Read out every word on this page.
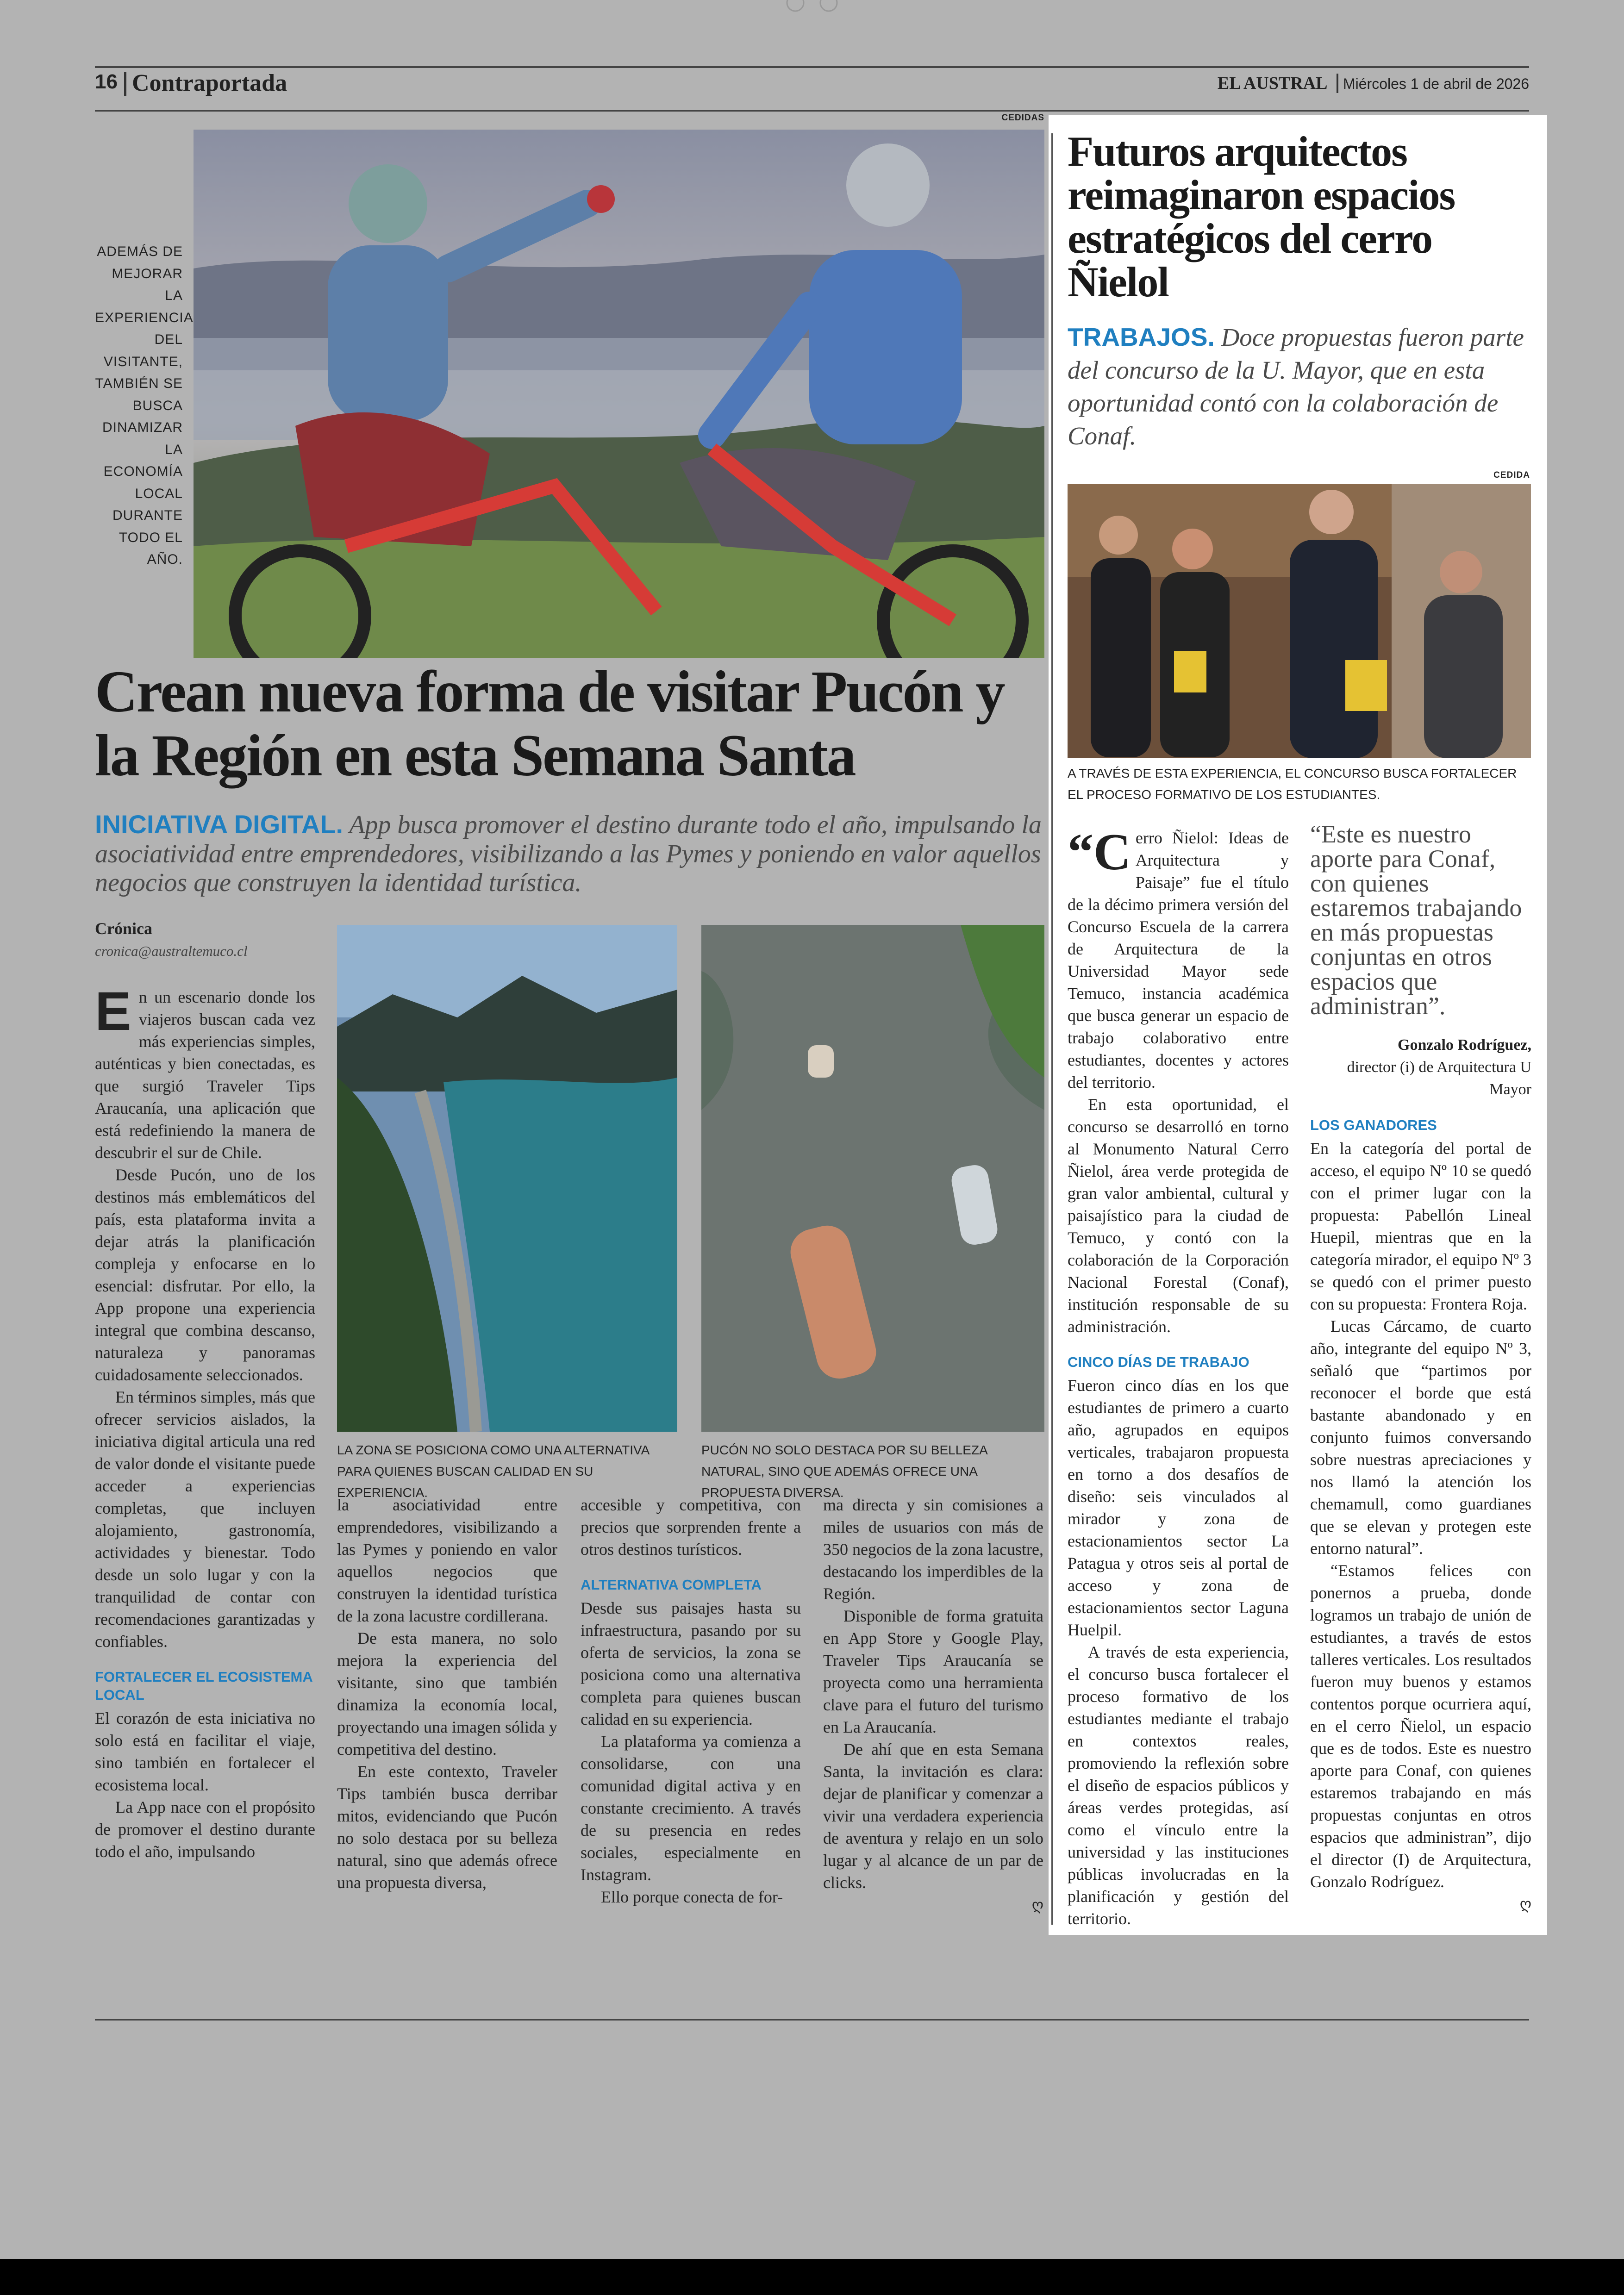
16 Contraportada	EL AUSTRAL Miércoles 1 de abril de 2026
CEDIDAS
ADEMÁS DE MEJORAR LA EXPERIENCIA DEL VISITANTE, TAMBIÉN SE BUSCA DINAMIZAR LA ECONOMÍA LOCAL DURANTE TODO EL AÑO.
Crean nueva forma de visitar Pucón y la Región en esta Semana Santa
INICIATIVA DIGITAL. App busca promover el destino durante todo el año, impulsando la asociatividad entre emprendedores, visibilizando a las Pymes y poniendo en valor aquellos negocios que construyen la identidad turística.
Crónica
cronica@australtemuco.cl
LA ZONA SE POSICIONA COMO UNA ALTERNATIVA PARA QUIENES BUSCAN CALIDAD EN SU EXPERIENCIA.
PUCÓN NO SOLO DESTACA POR SU BELLEZA NATURAL, SINO QUE ADEMÁS OFRECE UNA PROPUESTA DIVERSA.
E n un escenario donde los viajeros buscan cada vez más experiencias simples, auténticas y bien conectadas, es que surgió Traveler Tips Araucanía, una aplicación que está redefiniendo la manera de descubrir el sur de Chile.

Desde Pucón, uno de los destinos más emblemáticos del país, esta plataforma invita a dejar atrás la planificación compleja y enfocarse en lo esencial: disfrutar. Por ello, la App propone una experiencia integral que combina descanso, naturaleza y panoramas cuidadosamente seleccionados.

En términos simples, más que ofrecer servicios aislados, la iniciativa digital articula una red de valor donde el visitante puede acceder a experiencias completas, que incluyen alojamiento, gastronomía, actividades y bienestar. Todo desde un solo lugar y con la tranquilidad de contar con recomendaciones garantizadas y confiables.

FORTALECER EL ECOSISTEMA LOCAL

El corazón de esta iniciativa no solo está en facilitar el viaje, sino también en fortalecer el ecosistema local.

La App nace con el propósito de promover el destino durante todo el año, impulsando

la asociatividad entre emprendedores, visibilizando a las Pymes y poniendo en valor aquellos negocios que construyen la identidad turística de la zona lacustre cordillerana.

De esta manera, no solo mejora la experiencia del visitante, sino que también dinamiza la economía local, proyectando una imagen sólida y competitiva del destino.

En este contexto, Traveler Tips también busca derribar mitos, evidenciando que Pucón no solo destaca por su belleza natural, sino que además ofrece una propuesta diversa,

accesible y competitiva, con precios que sorprenden frente a otros destinos turísticos.

ALTERNATIVA COMPLETA

Desde sus paisajes hasta su infraestructura, pasando por su oferta de servicios, la zona se posiciona como una alternativa completa para quienes buscan calidad en su experiencia.

La plataforma ya comienza a consolidarse, con una comunidad digital activa y en constante crecimiento. A través de su presencia en redes sociales, especialmente en Instagram.

Ello porque conecta de for-

ma directa y sin comisiones a miles de usuarios con más de 350 negocios de la zona lacustre, destacando los imperdibles de la Región.

Disponible de forma gratuita en App Store y Google Play, Traveler Tips Araucanía se proyecta como una herramienta clave para el futuro del turismo en La Araucanía.

De ahí que en esta Semana Santa, la invitación es clara: dejar de planificar y comenzar a vivir una verdadera experiencia de aventura y relajo en un solo lugar y al alcance de un par de clicks.

ღ
Futuros arquitectos reimaginaron espacios estratégicos del cerro Ñielol
TRABAJOS. Doce propuestas fueron parte del concurso de la U. Mayor, que en esta oportunidad contó con la colaboración de Conaf.
CEDIDA
A TRAVÉS DE ESTA EXPERIENCIA, EL CONCURSO BUSCA FORTALECER EL PROCESO FORMATIVO DE LOS ESTUDIANTES.
“C erro Ñielol: Ideas de Arquitectura y Paisaje” fue el título de la décimo primera versión del Concurso Escuela de la carrera de Arquitectura de la Universidad Mayor sede Temuco, instancia académica que busca generar un espacio de trabajo colaborativo entre estudiantes, docentes y actores del territorio.

En esta oportunidad, el concurso se desarrolló en torno al Monumento Natural Cerro Ñielol, área verde protegida de gran valor ambiental, cultural y paisajístico para la ciudad de Temuco, y contó con la colaboración de la Corporación Nacional Forestal (Conaf), institución responsable de su administración.

CINCO DÍAS DE TRABAJO

Fueron cinco días en los que estudiantes de primero a cuarto año, agrupados en equipos verticales, trabajaron propuesta en torno a dos desafíos de diseño: seis vinculados al mirador y zona de estacionamientos sector La Patagua y otros seis al portal de acceso y zona de estacionamientos sector Laguna Huelpil.

A través de esta experiencia, el concurso busca fortalecer el proceso formativo de los estudiantes mediante el trabajo en contextos reales, promoviendo la reflexión sobre el diseño de espacios públicos y áreas verdes protegidas, así como el vínculo entre la universidad y las instituciones públicas involucradas en la planificación y gestión del territorio.

“Este es nuestro aporte para Conaf, con quienes estaremos trabajando en más propuestas conjuntas en otros espacios que administran”.
Gonzalo Rodríguez,
director (i) de Arquitectura U Mayor
LOS GANADORES

En la categoría del portal de acceso, el equipo Nº 10 se quedó con el primer lugar con la propuesta: Pabellón Lineal Huepil, mientras que en la categoría mirador, el equipo Nº 3 se quedó con el primer puesto con su propuesta: Frontera Roja.

Lucas Cárcamo, de cuarto año, integrante del equipo Nº 3, señaló que “partimos por reconocer el borde que está bastante abandonado y en conjunto fuimos conversando sobre nuestras apreciaciones y nos llamó la atención los chemamull, como guardianes que se elevan y protegen este entorno natural”.

“Estamos felices con ponernos a prueba, donde logramos un trabajo de unión de estudiantes, a través de estos talleres verticales. Los resultados fueron muy buenos y estamos contentos porque ocurriera aquí, en el cerro Ñielol, un espacio que es de todos. Este es nuestro aporte para Conaf, con quienes estaremos trabajando en más propuestas conjuntas en otros espacios que administran”, dijo el director (I) de Arquitectura, Gonzalo Rodríguez.

ღ
